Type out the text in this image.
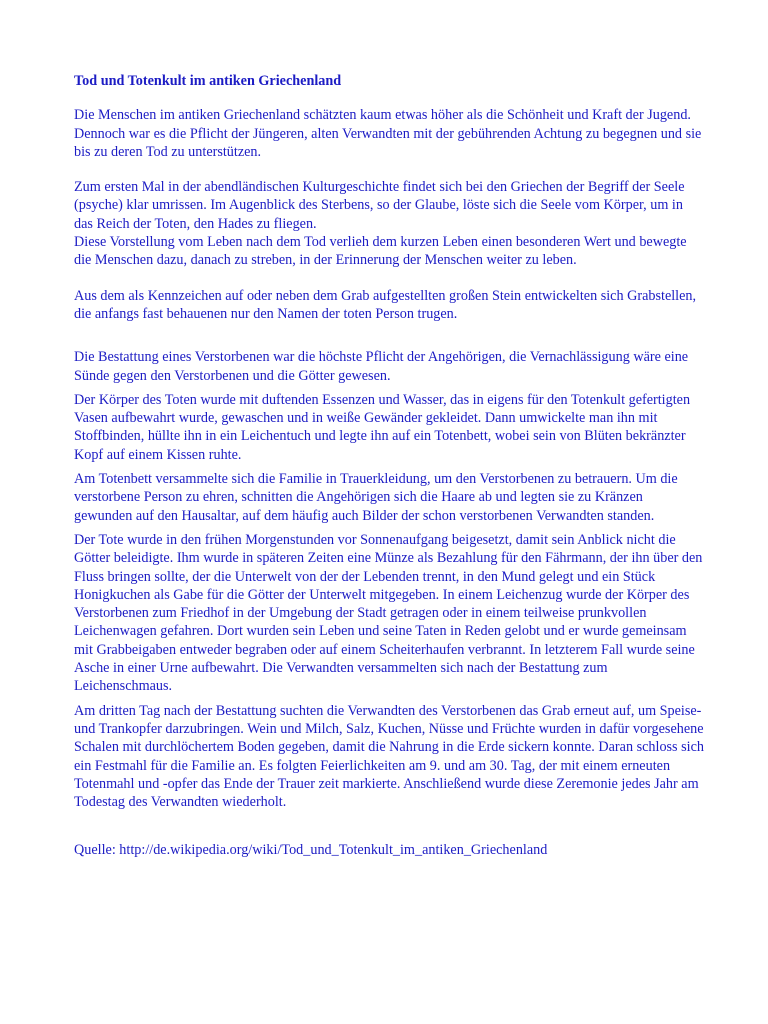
Tod und Totenkult im antiken Griechenland

Die Menschen im antiken Griechenland schätzten kaum etwas höher als die Schönheit und Kraft der Jugend. Dennoch war es die Pflicht der Jüngeren, alten Verwandten mit der gebührenden Achtung zu begegnen und sie bis zu deren Tod zu unterstützen.

Zum ersten Mal in der abendländischen Kulturgeschichte findet sich bei den Griechen der Begriff der Seele (psyche) klar umrissen. Im Augenblick des Sterbens, so der Glaube, löste sich die Seele vom Körper, um in das Reich der Toten, den Hades zu fliegen.

Diese Vorstellung vom Leben nach dem Tod verlieh dem kurzen Leben einen besonderen Wert und bewegte die Menschen dazu, danach zu streben, in der Erinnerung der Menschen weiter zu leben.

Aus dem als Kennzeichen auf oder neben dem Grab aufgestellten großen Stein entwickelten sich Grabstellen, die anfangs fast behauenen nur den Namen der toten Person trugen.

Die Bestattung eines Verstorbenen war die höchste Pflicht der Angehörigen, die Vernachlässigung wäre eine Sünde gegen den Verstorbenen und die Götter gewesen.

Der Körper des Toten wurde mit duftenden Essenzen und Wasser, das in eigens für den Totenkult gefertigten Vasen aufbewahrt wurde, gewaschen und in weiße Gewänder gekleidet. Dann umwickelte man ihn mit Stoffbinden, hüllte ihn in ein Leichentuch und legte ihn auf ein Totenbett, wobei sein von Blüten bekränzter Kopf auf einem Kissen ruhte.

Am Totenbett versammelte sich die Familie in Trauerkleidung, um den Verstorbenen zu betrauern. Um die verstorbene Person zu ehren, schnitten die Angehörigen sich die Haare ab und legten sie zu Kränzen gewunden auf den Hausaltar, auf dem häufig auch Bilder der schon verstorbenen Verwandten standen.

Der Tote wurde in den frühen Morgenstunden vor Sonnenaufgang beigesetzt, damit sein Anblick nicht die Götter beleidigte. Ihm wurde in späteren Zeiten eine Münze als Bezahlung für den Fährmann, der ihn über den Fluss bringen sollte, der die Unterwelt von der der Lebenden trennt, in den Mund gelegt und ein Stück Honigkuchen als Gabe für die Götter der Unterwelt mitgegeben. In einem Leichenzug wurde der Körper des Verstorbenen zum Friedhof in der Umgebung der Stadt getragen oder in einem teilweise prunkvollen Leichenwagen gefahren. Dort wurden sein Leben und seine Taten in Reden gelobt und er wurde gemeinsam mit Grabbeigaben entweder begraben oder auf einem Scheiterhaufen verbrannt. In letzterem Fall wurde seine Asche in einer Urne aufbewahrt. Die Verwandten versammelten sich nach der Bestattung zum Leichenschmaus.

Am dritten Tag nach der Bestattung suchten die Verwandten des Verstorbenen das Grab erneut auf, um Speise- und Trankopfer darzubringen. Wein und Milch, Salz, Kuchen, Nüsse und Früchte wurden in dafür vorgesehene Schalen mit durchlöchertem Boden gegeben, damit die Nahrung in die Erde sickern konnte. Daran schloss sich ein Festmahl für die Familie an. Es folgten Feierlichkeiten am 9. und am 30. Tag, der mit einem erneuten Totenmahl und -opfer das Ende der Trauer zeit markierte. Anschließend wurde diese Zeremonie jedes Jahr am Todestag des Verwandten wiederholt.

Quelle: http://de.wikipedia.org/wiki/Tod_und_Totenkult_im_antiken_Griechenland
